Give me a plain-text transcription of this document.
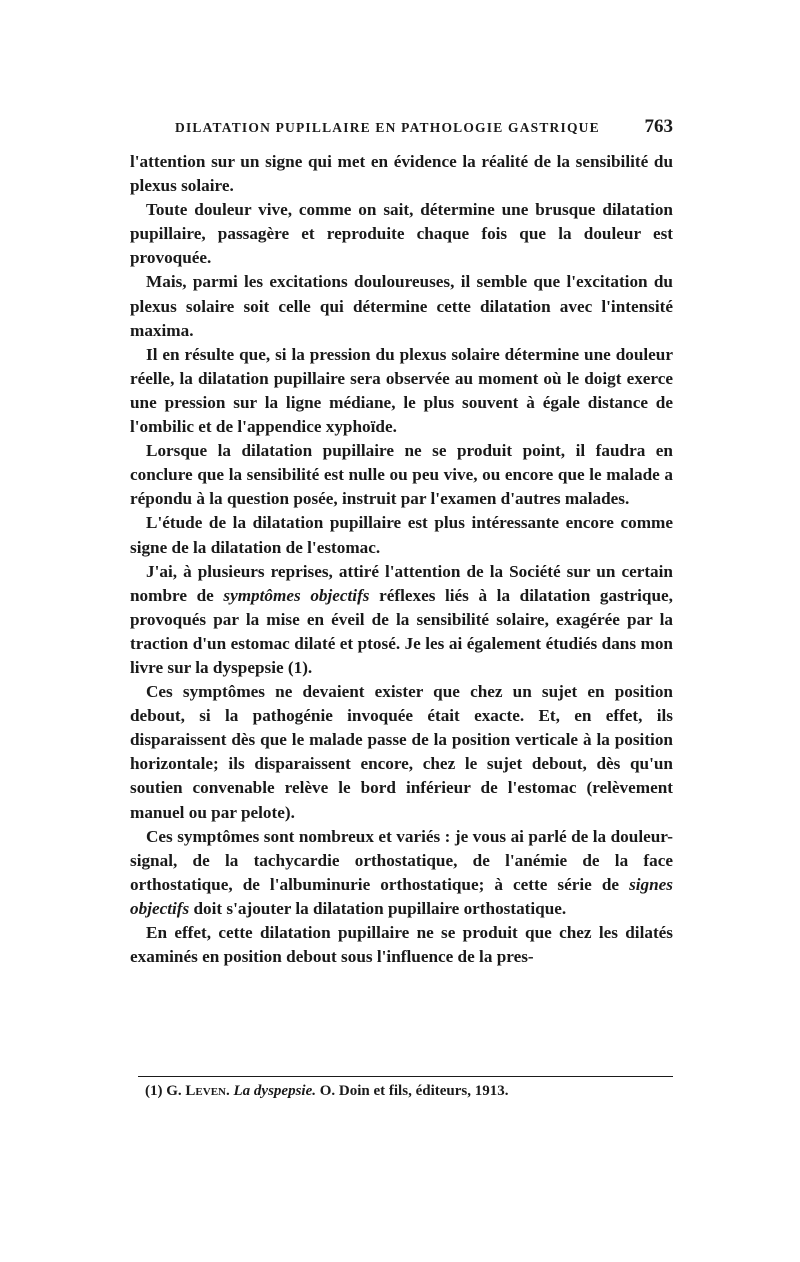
DILATATION PUPILLAIRE EN PATHOLOGIE GASTRIQUE 763

l'attention sur un signe qui met en évidence la réalité de la sensibilité du plexus solaire.

Toute douleur vive, comme on sait, détermine une brusque dilatation pupillaire, passagère et reproduite chaque fois que la douleur est provoquée.

Mais, parmi les excitations douloureuses, il semble que l'excitation du plexus solaire soit celle qui détermine cette dilatation avec l'intensité maxima.

Il en résulte que, si la pression du plexus solaire détermine une douleur réelle, la dilatation pupillaire sera observée au moment où le doigt exerce une pression sur la ligne médiane, le plus souvent à égale distance de l'ombilic et de l'appendice xyphoïde.

Lorsque la dilatation pupillaire ne se produit point, il faudra en conclure que la sensibilité est nulle ou peu vive, ou encore que le malade a répondu à la question posée, instruit par l'examen d'autres malades.

L'étude de la dilatation pupillaire est plus intéressante encore comme signe de la dilatation de l'estomac.

J'ai, à plusieurs reprises, attiré l'attention de la Société sur un certain nombre de symptômes objectifs réflexes liés à la dilatation gastrique, provoqués par la mise en éveil de la sensibilité solaire, exagérée par la traction d'un estomac dilaté et ptosé. Je les ai également étudiés dans mon livre sur la dyspepsie (1).

Ces symptômes ne devaient exister que chez un sujet en position debout, si la pathogénie invoquée était exacte. Et, en effet, ils disparaissent dès que le malade passe de la position verticale à la position horizontale; ils disparaissent encore, chez le sujet debout, dès qu'un soutien convenable relève le bord inférieur de l'estomac (relèvement manuel ou par pelote).

Ces symptômes sont nombreux et variés : je vous ai parlé de la douleur-signal, de la tachycardie orthostatique, de l'anémie de la face orthostatique, de l'albuminurie orthostatique; à cette série de signes objectifs doit s'ajouter la dilatation pupillaire orthostatique.

En effet, cette dilatation pupillaire ne se produit que chez les dilatés examinés en position debout sous l'influence de la pres-

(1) G. Leven. La dyspepsie. O. Doin et fils, éditeurs, 1913.
